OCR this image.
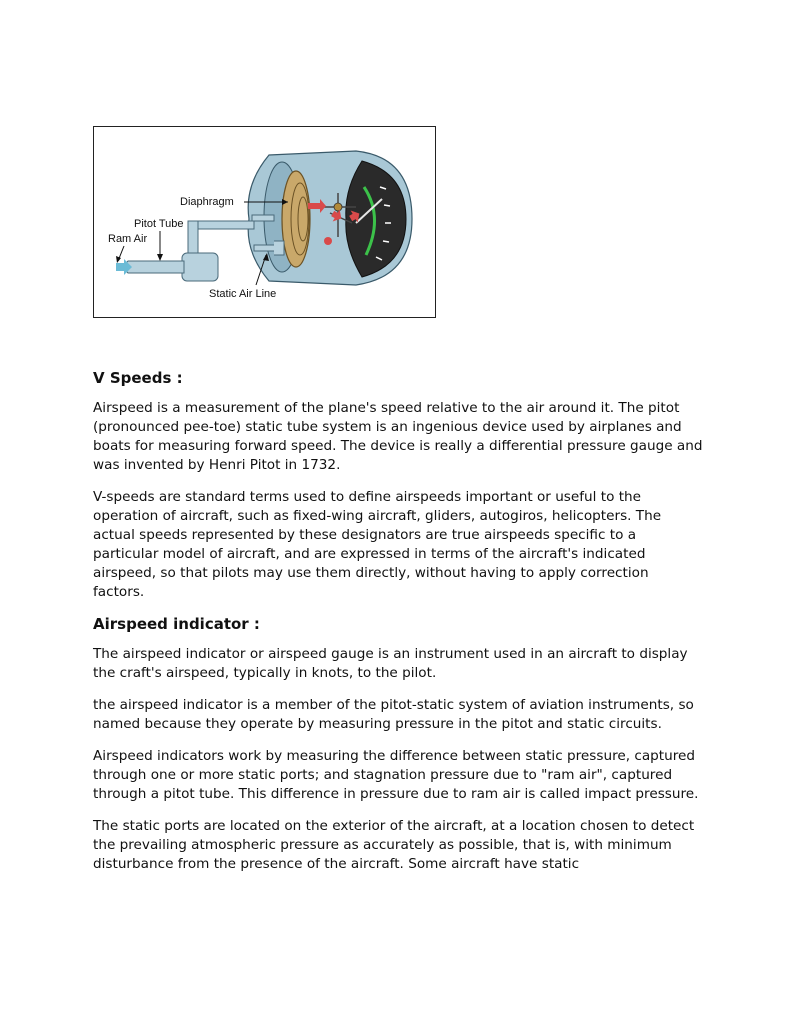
Diaphragm
Pitot Tube
Ram Air
Static Air Line
V Speeds :

Airspeed is a measurement of the plane's speed relative to the air around it. The pitot (pronounced pee-toe) static tube system is an ingenious device used by airplanes and boats for measuring forward speed. The device is really a differential pressure gauge and was invented by Henri Pitot in 1732.

V-speeds are standard terms used to define airspeeds important or useful to the operation of aircraft, such as fixed-wing aircraft, gliders, autogiros, helicopters. The actual speeds represented by these designators are true airspeeds specific to a particular model of aircraft, and are expressed in terms of the aircraft's indicated airspeed, so that pilots may use them directly, without having to apply correction factors.

Airspeed indicator :

The airspeed indicator or airspeed gauge is an instrument used in an aircraft to display the craft's airspeed, typically in knots, to the pilot.

the airspeed indicator is a member of the pitot-static system of aviation instruments, so named because they operate by measuring pressure in the pitot and static circuits.

Airspeed indicators work by measuring the difference between static pressure, captured through one or more static ports; and stagnation pressure due to "ram air", captured through a pitot tube. This difference in pressure due to ram air is called impact pressure.

The static ports are located on the exterior of the aircraft, at a location chosen to detect the prevailing atmospheric pressure as accurately as possible, that is, with minimum disturbance from the presence of the aircraft. Some aircraft have static
